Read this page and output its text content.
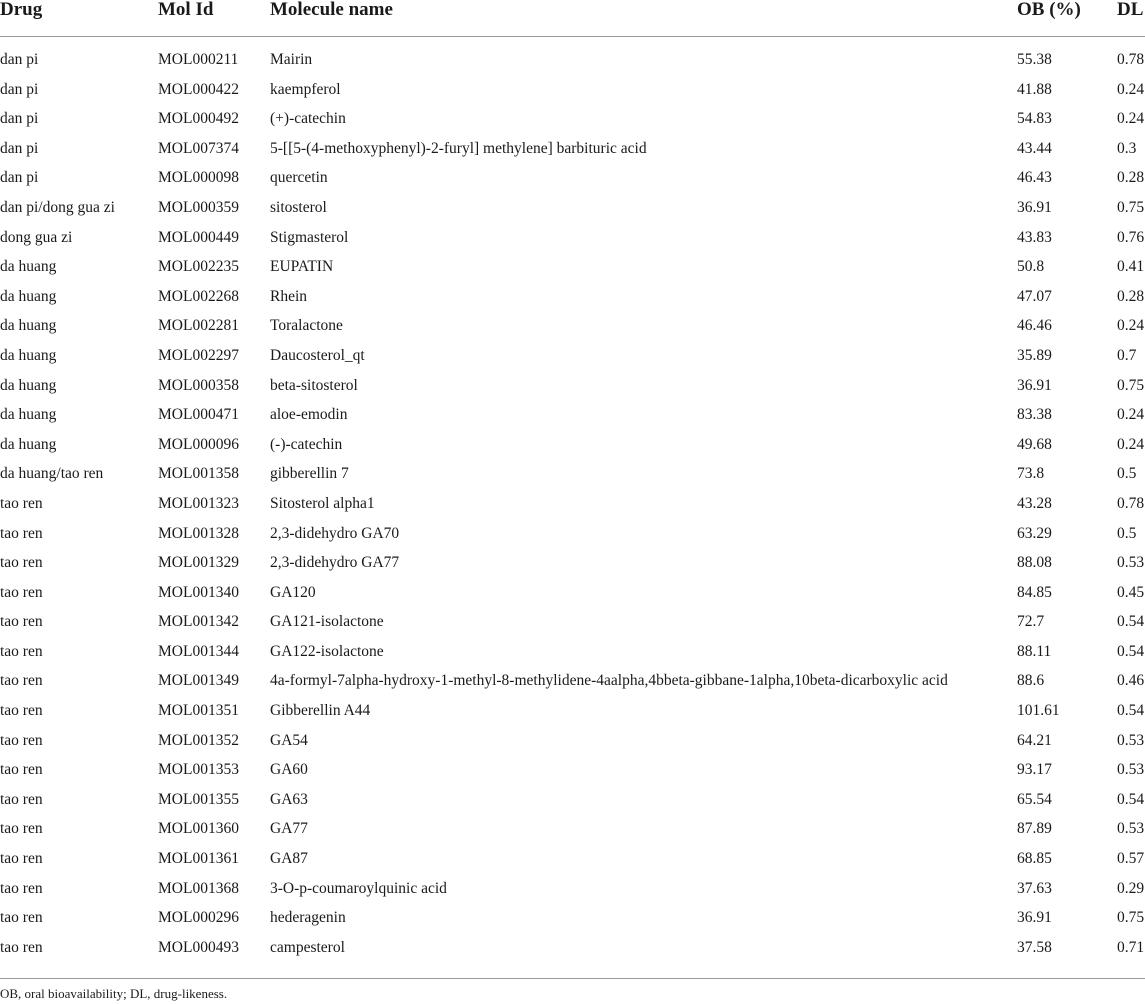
Drug	Mol Id	Molecule name	OB (%) DL
dan pi	MOL000211 Mairin	55.38	0.78
dan pi	MOL000422 kaempferol	41.88	0.24
dan pi	MOL000492 (+)-catechin	54.83	0.24
dan pi	MOL007374 5-[[5-(4-methoxyphenyl)-2-furyl] methylene] barbituric acid	43.44	0.3
dan pi	MOL000098 quercetin	46.43	0.28
dan pi/dong gua zi	MOL000359 sitosterol	36.91	0.75
dong gua zi	MOL000449 Stigmasterol	43.83	0.76
da huang	MOL002235 EUPATIN	50.8	0.41
da huang	MOL002268 Rhein	47.07	0.28
da huang	MOL002281 Toralactone	46.46	0.24
da huang	MOL002297 Daucosterol_qt	35.89	0.7
da huang	MOL000358 beta-sitosterol	36.91	0.75
da huang	MOL000471 aloe-emodin	83.38	0.24
da huang	MOL000096 (-)-catechin	49.68	0.24
da huang/tao ren	MOL001358 gibberellin 7	73.8	0.5
tao ren	MOL001323 Sitosterol alpha1	43.28	0.78
tao ren	MOL001328 2,3-didehydro GA70	63.29	0.5
tao ren	MOL001329 2,3-didehydro GA77	88.08	0.53
tao ren	MOL001340 GA120	84.85	0.45
tao ren	MOL001342 GA121-isolactone	72.7	0.54
tao ren	MOL001344 GA122-isolactone	88.11	0.54
tao ren	MOL001349 4a-formyl-7alpha-hydroxy-1-methyl-8-methylidene-4aalpha,4bbeta-gibbane-1alpha,10beta-dicarboxylic acid	88.6	0.46
tao ren	MOL001351 Gibberellin A44	101.61	0.54
tao ren	MOL001352 GA54	64.21	0.53
tao ren	MOL001353 GA60	93.17	0.53
tao ren	MOL001355 GA63	65.54	0.54
tao ren	MOL001360 GA77	87.89	0.53
tao ren	MOL001361 GA87	68.85	0.57
tao ren	MOL001368 3-O-p-coumaroylquinic acid	37.63	0.29
tao ren	MOL000296 hederagenin	36.91	0.75
tao ren	MOL000493 campesterol	37.58	0.71
OB, oral bioavailability; DL, drug-likeness.
